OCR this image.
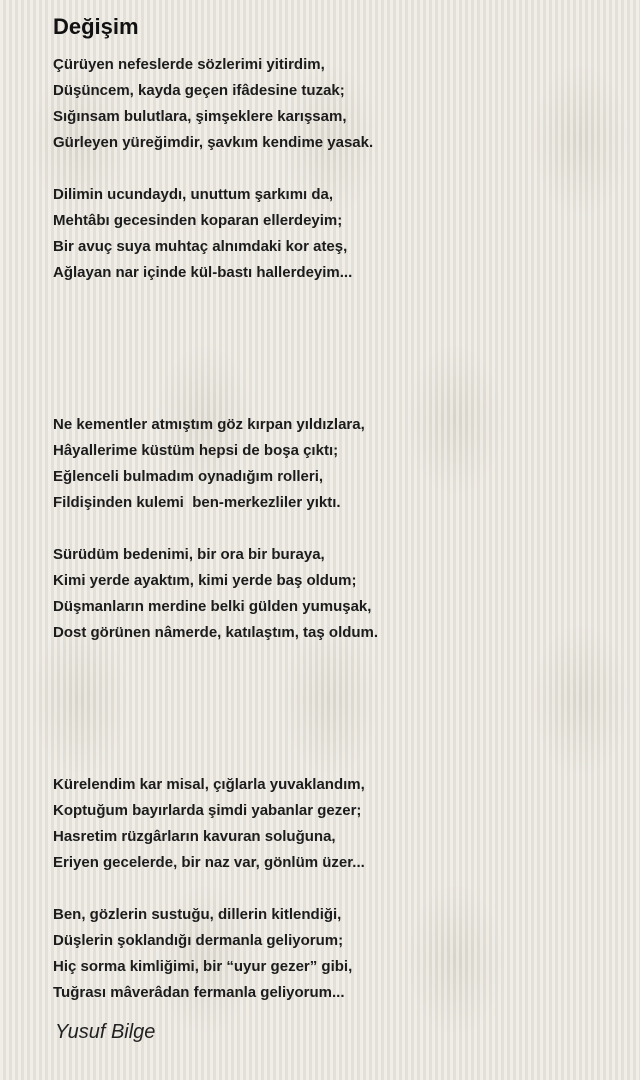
Değişim
Çürüyen nefeslerde sözlerimi yitirdim,
Düşüncem, kayda geçen ifâdesine tuzak;
Sığınsam bulutlara, şimşeklere karışsam,
Gürleyen yüreğimdir, şavkım kendime yasak.
Dilimin ucundaydı, unuttum şarkımı da,
Mehtâbı gecesinden koparan ellerdeyim;
Bir avuç suya muhtaç alnımdaki kor ateş,
Ağlayan nar içinde kül-bastı hallerdeyim...
Ne kementler atmıştım göz kırpan yıldızlara,
Hâyallerime küstüm hepsi de boşa çıktı;
Eğlenceli bulmadım oynadığım rolleri,
Fildişinden kulemi  ben-merkezliler yıktı.
Sürüdüm bedenimi, bir ora bir buraya,
Kimi yerde ayaktım, kimi yerde baş oldum;
Düşmanların merdine belki gülden yumuşak,
Dost görünen nâmerde, katılaştım, taş oldum.
Kürelendim kar misal, çığlarla yuvaklandım,
Koptuğum bayırlarda şimdi yabanlar gezer;
Hasretim rüzgârların kavuran soluğuna,
Eriyen gecelerde, bir naz var, gönlüm üzer...
Ben, gözlerin sustuğu, dillerin kitlendiği,
Düşlerin şoklandığı dermanla geliyorum;
Hiç sorma kimliğimi, bir “uyur gezer” gibi,
Tuğrası mâverâdan fermanla geliyorum...
Yusuf Bilge
